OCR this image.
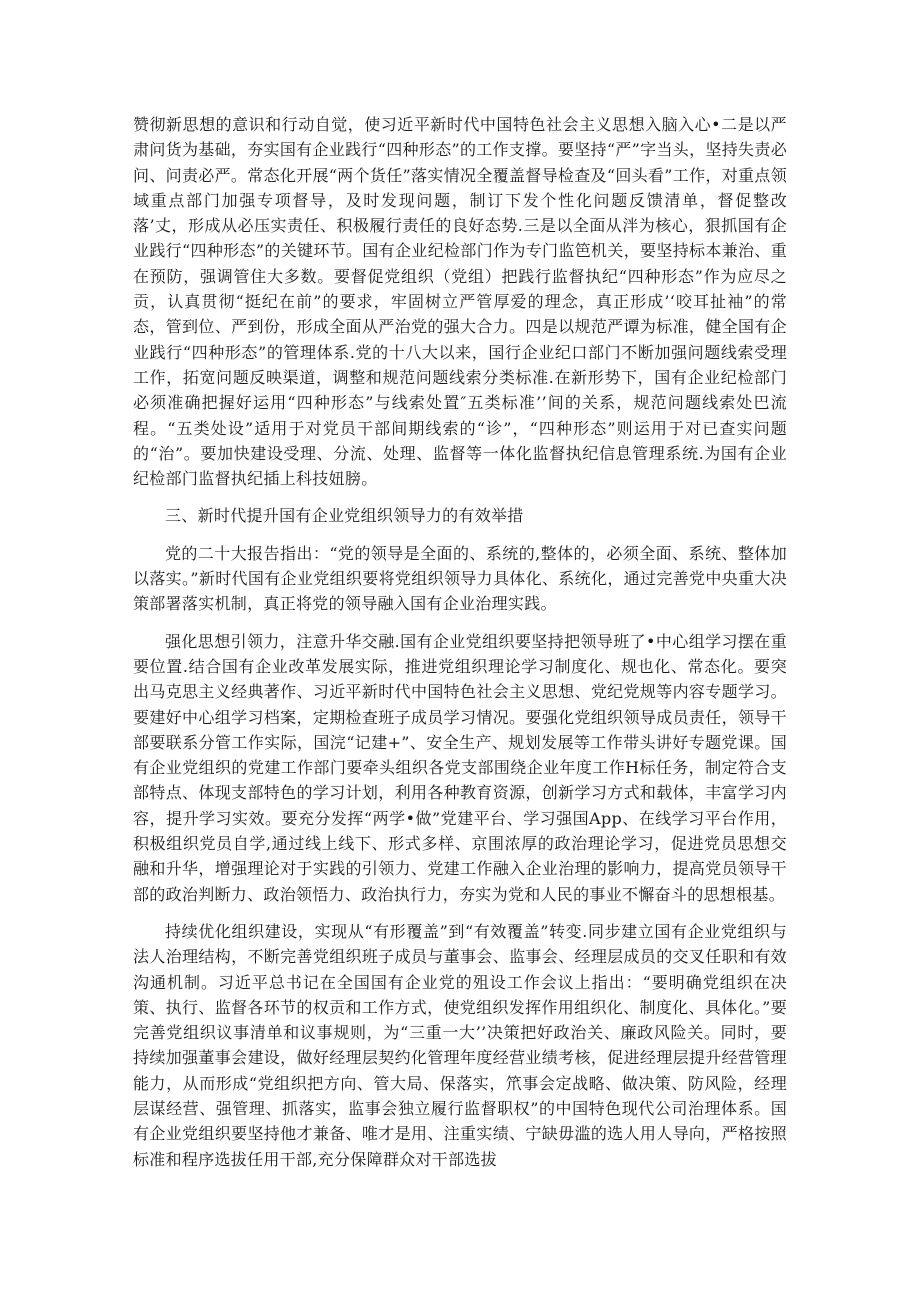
赞彻新思想的意识和行动自觉，使习近平新时代中国特色社会主义思想入脑入心•二是以严肃问货为基础，夯实国有企业践行“四种形态”的工作支撑。要坚持“严”字当头，坚持失责必问、问责必严。常态化开展“两个货任”落实情况全覆盖督导检查及“回头看”工作，对重点领域重点部门加强专项督导，及时发现问题，制订下发个性化问题反馈清单，督促整改落’丈，形成从必压实责任、积极履行责任的良好态势.三是以全面从泮为核心，狠抓国有企业践行“四种形态”的关键环节。国有企业纪检部门作为专门监笆机关，要坚持标本兼治、重在预防，强调管住大多数。要督促党组织（党组）把践行监督执纪“四种形态”作为应尽之贡，认真贯彻“挺纪在前”的要求，牢固树立严管厚爱的理念，真正形成’‘咬耳扯袖”的常态，管到位、严到份，形成全面从严治党的强大合力。四是以规范严谭为标准，健全国有企业践行“四种形态”的管理体系.党的十八大以来，国行企业纪口部门不断加强问题线索受理工作，拓宽问题反映渠道，调整和规范问题线索分类标准.在新形势下，国有企业纪检部门必须准确把握好运用“四种形态”与线索处置″五类标准’’间的关系，规范问题线索处巴流程。“五类处设”适用于对党员干部间期线索的“诊”，“四种形态”则运用于对已查实问题的“治”。要加快建设受理、分流、处理、监督等一体化监督执纪信息管理系统.为国有企业纪检部门监督执纪插上科技妞膀。

三、新时代提升国有企业党组织领导力的有效举措

党的二十大报告指出：“党的领导是全面的、系统的,整体的，必须全面、系统、整体加以落实。”新时代国有企业党组织要将党组织领导力具体化、系统化，通过完善党中央重大决策部署落实机制，真正将党的领导融入国有企业治理实践。

强化思想引领力，注意升华交融.国有企业党组织要坚持把领导班了•中心组学习摆在重要位置.结合国有企业改革发展实际，推进党组织理论学习制度化、规也化、常态化。要突出马克思主义经典著作、习近平新时代中国特色社会主义思想、党纪党规等内容专题学习。要建好中心组学习档案，定期检查班子成员学习情况。要强化党组织领导成员责任，领导干部要联系分管工作实际，国浣“记建+”、安全生产、规划发展等工作带头讲好专题党课。国有企业党组织的党建工作部门要牵头组织各党支部围绕企业年度工作H标任务，制定符合支部特点、体现支部特色的学习计划，利用各种教育资源，创新学习方式和载体，丰富学习内容，提升学习实效。要充分发挥“两学•做”党建平台、学习强国App、在线学习平台作用，积极组织党员自学,通过线上线下、形式多样、京围浓厚的政治理论学习，促进党员思想交融和升华，增强理论对于实践的引领力、党建工作融入企业治理的影响力，提高党员领导干部的政治判断力、政治领悟力、政治执行力，夯实为党和人民的事业不懈奋斗的思想根基。

持续优化组织建设，实现从“有形覆盖”到“有效覆盖”转变.同步建立国有企业党组织与法人治理结构，不断完善党组织班子成员与董事会、监事会、经理层成员的交叉任职和有效沟通机制。习近平总书记在全国国有企业党的殂设工作会议上指出：“要明确党组织在决策、执行、监督各环节的权贡和工作方式，使党组织发挥作用组织化、制度化、具体化。”要完善党组织议事清单和议事规则，为“三重一大’’决策把好政治关、廉政风险关。同时，要持续加强董事会建设，做好经理层契约化管理年度经营业绩考核，促进经理层提升经营管理能力，从而形成“党组织把方向、管大局、保落实，笊事会定战略、做决策、防风险，经理层谋经营、强管理、抓落实，监事会独立履行监督职权”的中国特色现代公司治理体系。国有企业党组织要坚持他才兼备、唯才是用、注重实绩、宁缺毋滥的选人用人导向，严格按照标准和程序选拔任用干部,充分保障群众对干部选拔
